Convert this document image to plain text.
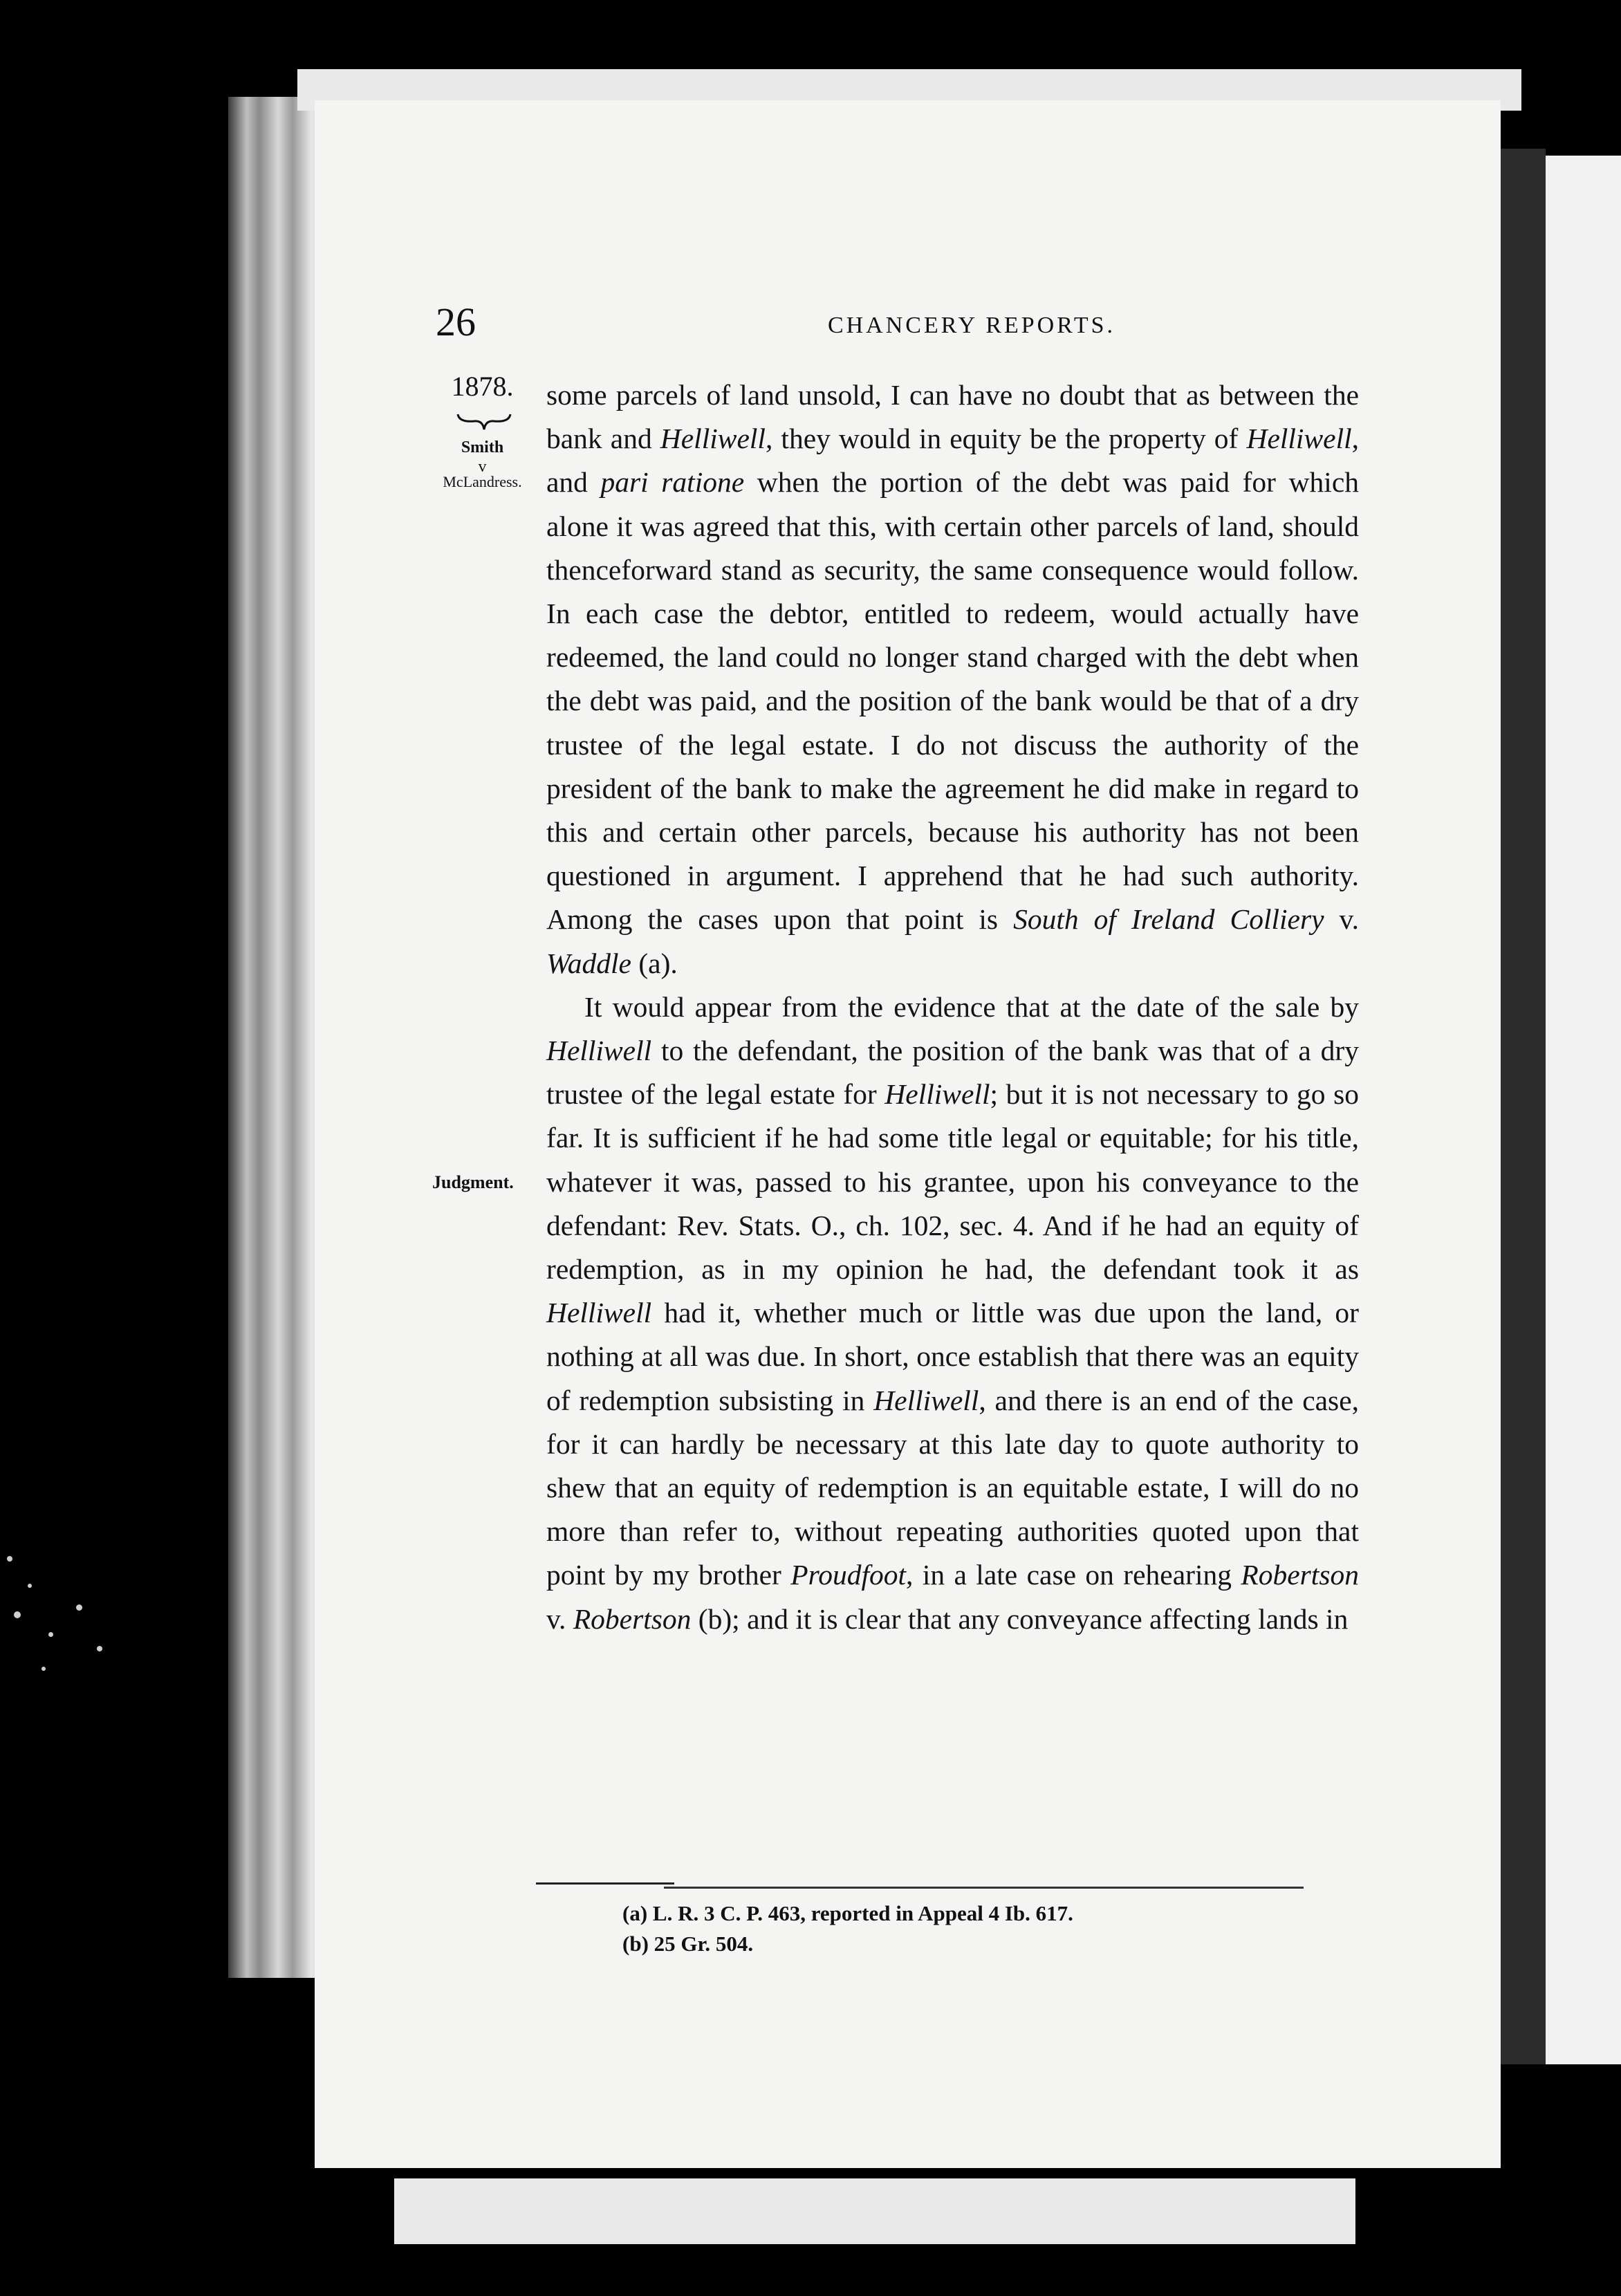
26	CHANCERY REPORTS.
1878.
Smith
v
McLandress.
Judgment.

some parcels of land unsold, I can have no doubt that as between the bank and Helliwell, they would in equity be the property of Helliwell, and pari ratione when the portion of the debt was paid for which alone it was agreed that this, with certain other parcels of land, should thenceforward stand as security, the same consequence would follow. In each case the debtor, entitled to redeem, would actually have redeemed, the land could no longer stand charged with the debt when the debt was paid, and the position of the bank would be that of a dry trustee of the legal estate. I do not discuss the authority of the president of the bank to make the agreement he did make in regard to this and certain other parcels, because his authority has not been questioned in argument. I apprehend that he had such authority. Among the cases upon that point is South of Ireland Colliery v. Waddle (a).

It would appear from the evidence that at the date of the sale by Helliwell to the defendant, the position of the bank was that of a dry trustee of the legal estate for Helliwell; but it is not necessary to go so far. It is sufficient if he had some title legal or equitable; for his title, whatever it was, passed to his grantee, upon his conveyance to the defendant: Rev. Stats. O., ch. 102, sec. 4. And if he had an equity of redemption, as in my opinion he had, the defendant took it as Helliwell had it, whether much or little was due upon the land, or nothing at all was due. In short, once establish that there was an equity of redemption subsisting in Helliwell, and there is an end of the case, for it can hardly be necessary at this late day to quote authority to shew that an equity of redemption is an equitable estate, I will do no more than refer to, without repeating authorities quoted upon that point by my brother Proudfoot, in a late case on rehearing Robertson v. Robertson (b); and it is clear that any conveyance affecting lands in

(a) L. R. 3 C. P. 463, reported in Appeal 4 Ib. 617.
(b) 25 Gr. 504.
